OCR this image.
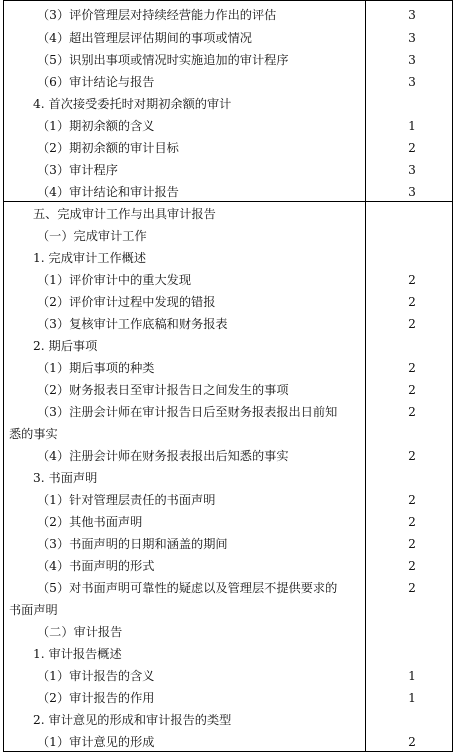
（3）评价管理层对持续经营能力作出的评估	3
（4）超出管理层评估期间的事项或情况	3
（5）识别出事项或情况时实施追加的审计程序	3
（6）审计结论与报告	3
4. 首次接受委托时对期初余额的审计
（1）期初余额的含义	1
（2）期初余额的审计目标	2
（3）审计程序	3
（4）审计结论和审计报告	3
五、完成审计工作与出具审计报告
（一）完成审计工作
1. 完成审计工作概述
（1）评价审计中的重大发现	2
（2）评价审计过程中发现的错报	2
（3）复核审计工作底稿和财务报表	2
2. 期后事项
（1）期后事项的种类	2
（2）财务报表日至审计报告日之间发生的事项	2
（3）注册会计师在审计报告日后至财务报表报出日前知	2
悉的事实
（4）注册会计师在财务报表报出后知悉的事实	2
3. 书面声明
（1）针对管理层责任的书面声明	2
（2）其他书面声明	2
（3）书面声明的日期和涵盖的期间	2
（4）书面声明的形式	2
（5）对书面声明可靠性的疑虑以及管理层不提供要求的	2
书面声明
（二）审计报告
1. 审计报告概述
（1）审计报告的含义	1
（2）审计报告的作用	1
2. 审计意见的形成和审计报告的类型
（1）审计意见的形成	2
